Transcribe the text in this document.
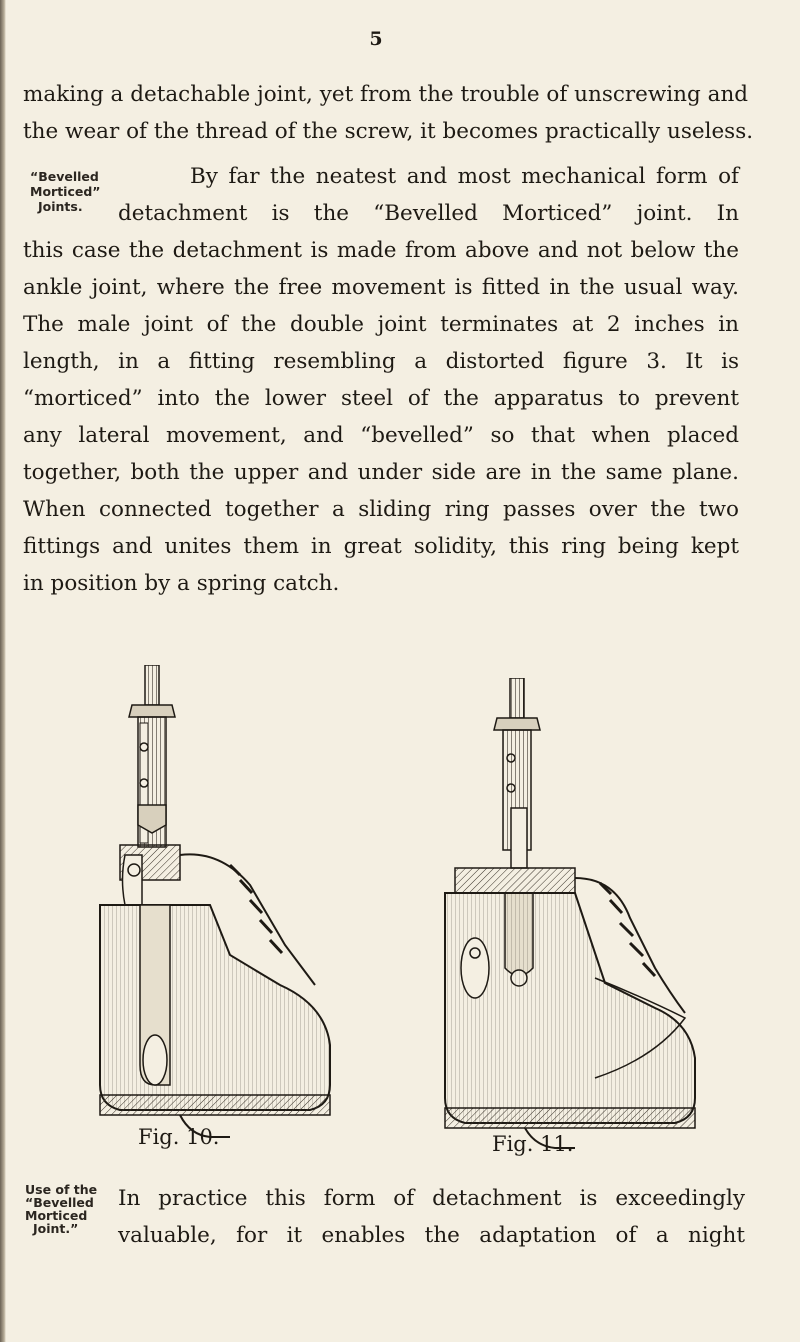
5
making a detachable joint, yet from the trouble of unscrewing and
the wear of the thread of the screw, it becomes practically useless.
“Bevelled
Morticed”
Joints.
By far the neatest and most mechanical form of
detachment is the “Bevelled Morticed” joint. In
this case the detachment is made from above and not below the
ankle joint, where the free movement is fitted in the usual way.
The male joint of the double joint terminates at 2 inches in
length, in a fitting resembling a distorted figure 3. It is
“morticed” into the lower steel of the apparatus to prevent
any lateral movement, and “bevelled” so that when placed
together, both the upper and under side are in the same plane.
When connected together a sliding ring passes over the two
fittings and unites them in great solidity, this ring being kept
in position by a spring catch.
Fig. 10.	Fig. 11.
Use of the
“Bevelled
Morticed
Joint.”
In practice this form of detachment is exceedingly
valuable, for it enables the adaptation of a night
